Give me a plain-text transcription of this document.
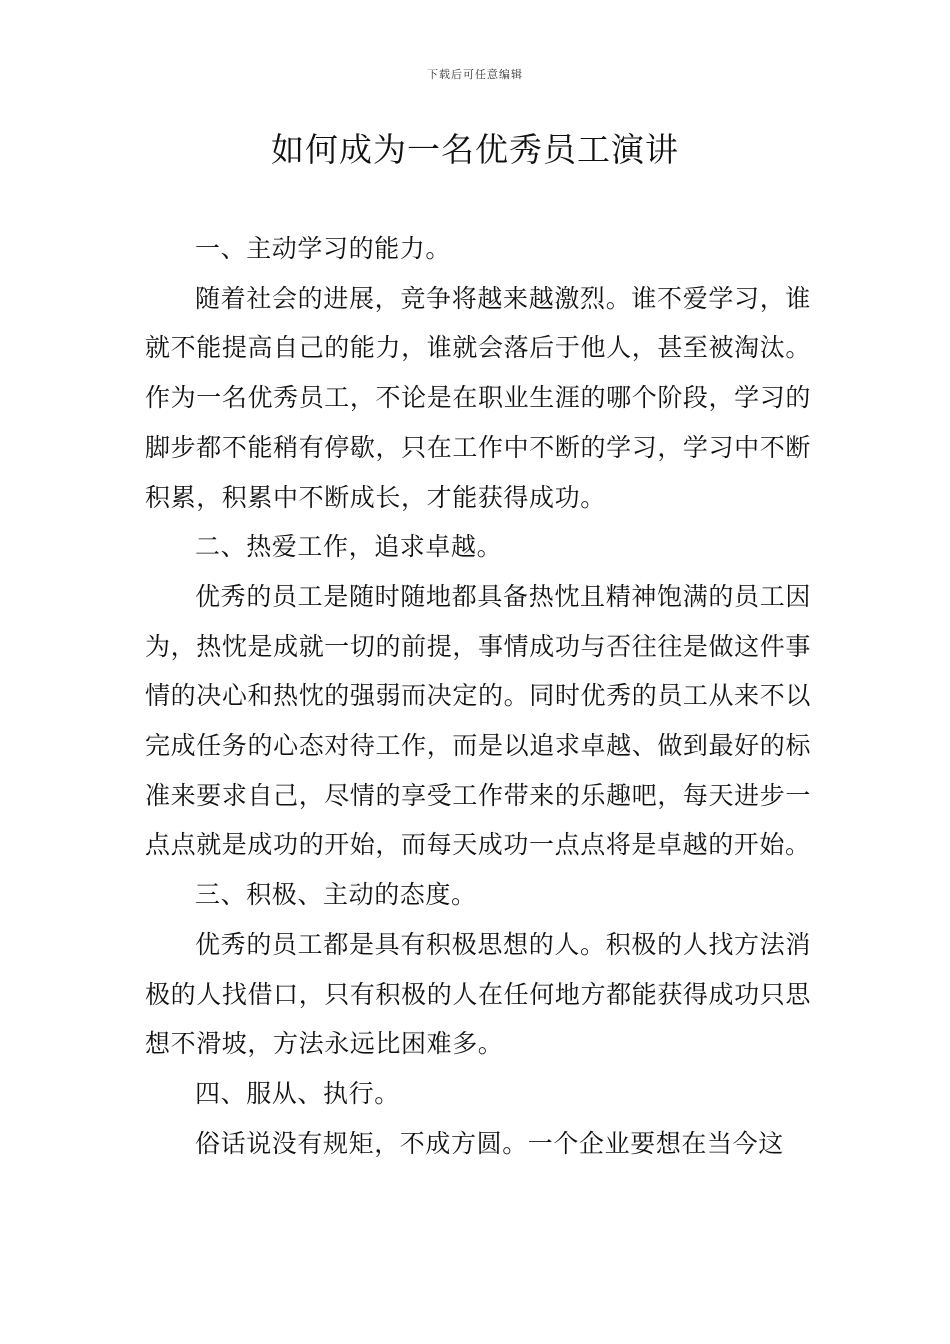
下载后可任意编辑
如何成为一名优秀员工演讲

一、主动学习的能力。

随着社会的进展，竞争将越来越激烈。谁不爱学习，谁就不能提高自己的能力，谁就会落后于他人，甚至被淘汰。作为一名优秀员工，不论是在职业生涯的哪个阶段，学习的脚步都不能稍有停歇，只在工作中不断的学习，学习中不断积累，积累中不断成长，才能获得成功。

二、热爱工作，追求卓越。

优秀的员工是随时随地都具备热忱且精神饱满的员工因为，热忱是成就一切的前提，事情成功与否往往是做这件事情的决心和热忱的强弱而决定的。同时优秀的员工从来不以完成任务的心态对待工作，而是以追求卓越、做到最好的标准来要求自己，尽情的享受工作带来的乐趣吧，每天进步一点点就是成功的开始，而每天成功一点点将是卓越的开始。

三、积极、主动的态度。

优秀的员工都是具有积极思想的人。积极的人找方法消极的人找借口，只有积极的人在任何地方都能获得成功只思想不滑坡，方法永远比困难多。

四、服从、执行。

俗话说没有规矩，不成方圆。一个企业要想在当今这
